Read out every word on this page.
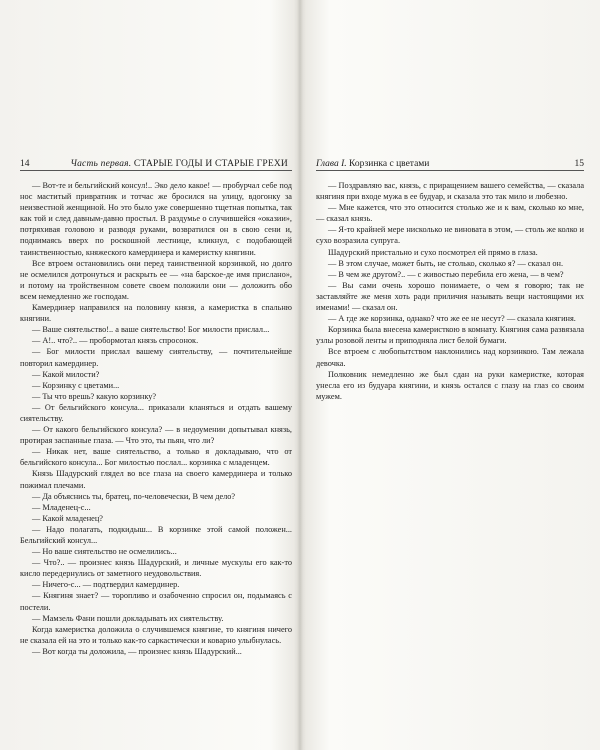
14	Часть первая. СТАРЫЕ ГОДЫ И СТАРЫЕ ГРЕХИ

— Вот-те и бельгийский консул!.. Эко дело какое! — пробурчал себе под нос маститый привратник и тотчас же бросился на улицу, вдогонку за неизвестной женщиной. Но это было уже совершенно тщетная попытка, так как той и след давным-давно простыл. В раздумье о случившейся «оказии», потряхивая головою и разводя руками, возвратился он в свою сени и, поднимаясь вверх по роскошной лестнице, кликнул, с подобающей таинственностью, княжеского камердинера и камеристку княгини.

Все втроем остановились они перед таинственной корзинкой, но долго не осмелился дотронуться и раскрыть ее — «на барское-де имя прислано», и потому на тройственном совете своем положили они — доложить обо всем немедленно же господам.

Камердинер направился на половину князя, а камеристка в спальню княгини.

— Ваше сиятельство!.. а ваше сиятельство! Бог милости прислал...

— А!.. что?.. — пробормотал князь спросонок.

— Бог милости прислал вашему сиятельству, — почтительнейше повторил камердинер.

— Какой милости?

— Корзинку с цветами...

— Ты что врешь? какую корзинку?

— От бельгийского консула... приказали кланяться и отдать вашему сиятельству.

— От какого бельгийского консула? — в недоумении допытывал князь, протирая заспанные глаза. — Что это, ты пьян, что ли?

— Никак нет, ваше сиятельство, а только я докладываю, что от бельгийского консула... Бог милостью послал... корзинка с младенцем.

Князь Шадурский глядел во все глаза на своего камердинера и только пожимал плечами.

— Да объяснись ты, братец, по-человечески, В чем дело?

— Младенец-с...

— Какой младенец?

— Надо полагать, подкидыш... В корзинке этой самой положен... Бельгийский консул...

— Но ваше сиятельство не осмелились...

— Что?.. — произнес князь Шадурский, и личные мускулы его как-то кисло передернулись от заметного неудовольствия.

— Ничего-с... — подтвердил камердинер.

— Княгиня знает? — торопливо и озабоченно спросил он, подымаясь с постели.

— Мамзель Фани пошли докладывать их сиятельству.

Когда камеристка доложила о случившемся княгине, то княгиня ничего не сказала ей на это и только как-то саркастически и коварно улыбнулась.

— Вот когда ты доложила, — произнес князь Шадурский...

Глава I. Корзинка с цветами	15

— Поздравляю вас, князь, с приращением вашего семейства, — сказала княгиня при входе мужа в ее будуар, и сказала это так мило и любезно.

— Мне кажется, что это относится столько же и к вам, сколько ко мне, — сказал князь.

— Я-то крайней мере нисколько не виновата в этом, — столь же колко и сухо возразила супруга.

Шадурский пристально и сухо посмотрел ей прямо в глаза.

— В этом случае, может быть, не столько, сколько я? — сказал он.

— В чем же другом?.. — с живостью перебила его жена, — в чем?

— Вы сами очень хорошо понимаете, о чем я говорю; так не заставляйте же меня хоть ради приличия называть вещи настоящими их именами! — сказал он.

— А где же корзинка, однако? что же ее не несут? — сказала княгиня.

Корзинка была внесена камеристкою в комнату. Княгиня сама развязала узлы розовой ленты и приподняла лист белой бумаги.

Все втроем с любопытством наклонились над корзинкою. Там лежала девочка.

Полковник немедленно же был сдан на руки камеристке, которая унесла его из будуара княгини, и князь остался с глазу на глаз со своим мужем.
